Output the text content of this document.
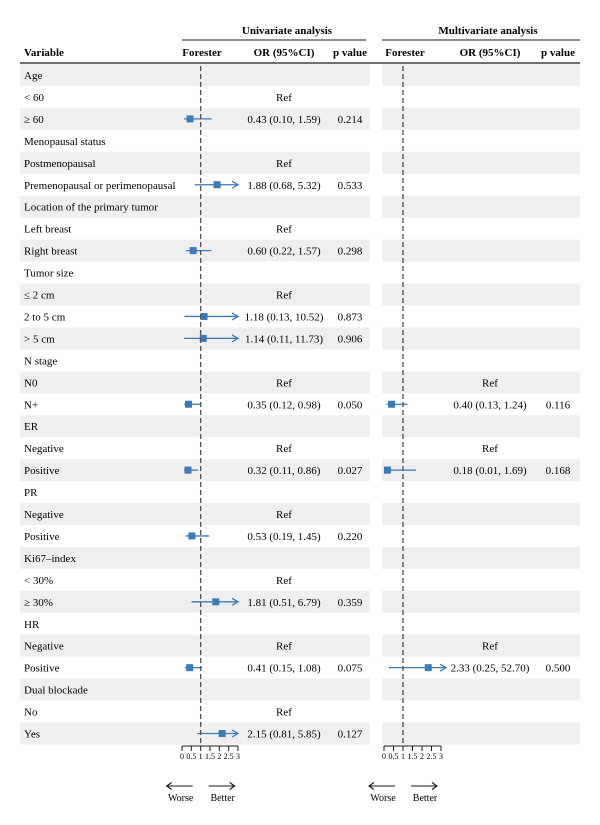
Univariate analysis	Multivariate analysis
Variable	Forester	OR (95%CI) p value Forester	OR (95%CI) p value
Age
< 60	Ref
≥ 60	0.43 (0.10, 1.59) 0.214
Menopausal status
Postmenopausal	Ref
Premenopausal or perimenopausal	1.88 (0.68, 5.32) 0.533
Location of the primary tumor
Left breast	Ref
Right breast	0.60 (0.22, 1.57) 0.298
Tumor size
≤ 2 cm	Ref
2 to 5 cm	1.18 (0.13, 10.52) 0.873
> 5 cm	1.14 (0.11, 11.73) 0.906
N stage
N0	Ref	Ref
N+	0.35 (0.12, 0.98) 0.050	0.40 (0.13, 1.24) 0.116
ER
Negative	Ref	Ref
Positive	0.32 (0.11, 0.86) 0.027	0.18 (0.01, 1.69) 0.168
PR
Negative	Ref
Positive	0.53 (0.19, 1.45) 0.220
Ki67–index
< 30%	Ref
≥ 30%	1.81 (0.51, 6.79) 0.359
HR
Negative	Ref	Ref
Positive	0.41 (0.15, 1.08) 0.075	2.33 (0.25, 52.70) 0.500
Dual blockade
No	Ref
Yes	2.15 (0.81, 5.85) 0.127
0 0.5 1 1.5 2 2.5 3
Worse Better
0 0.5 1 1.5 2 2.5 3
Worse Better
